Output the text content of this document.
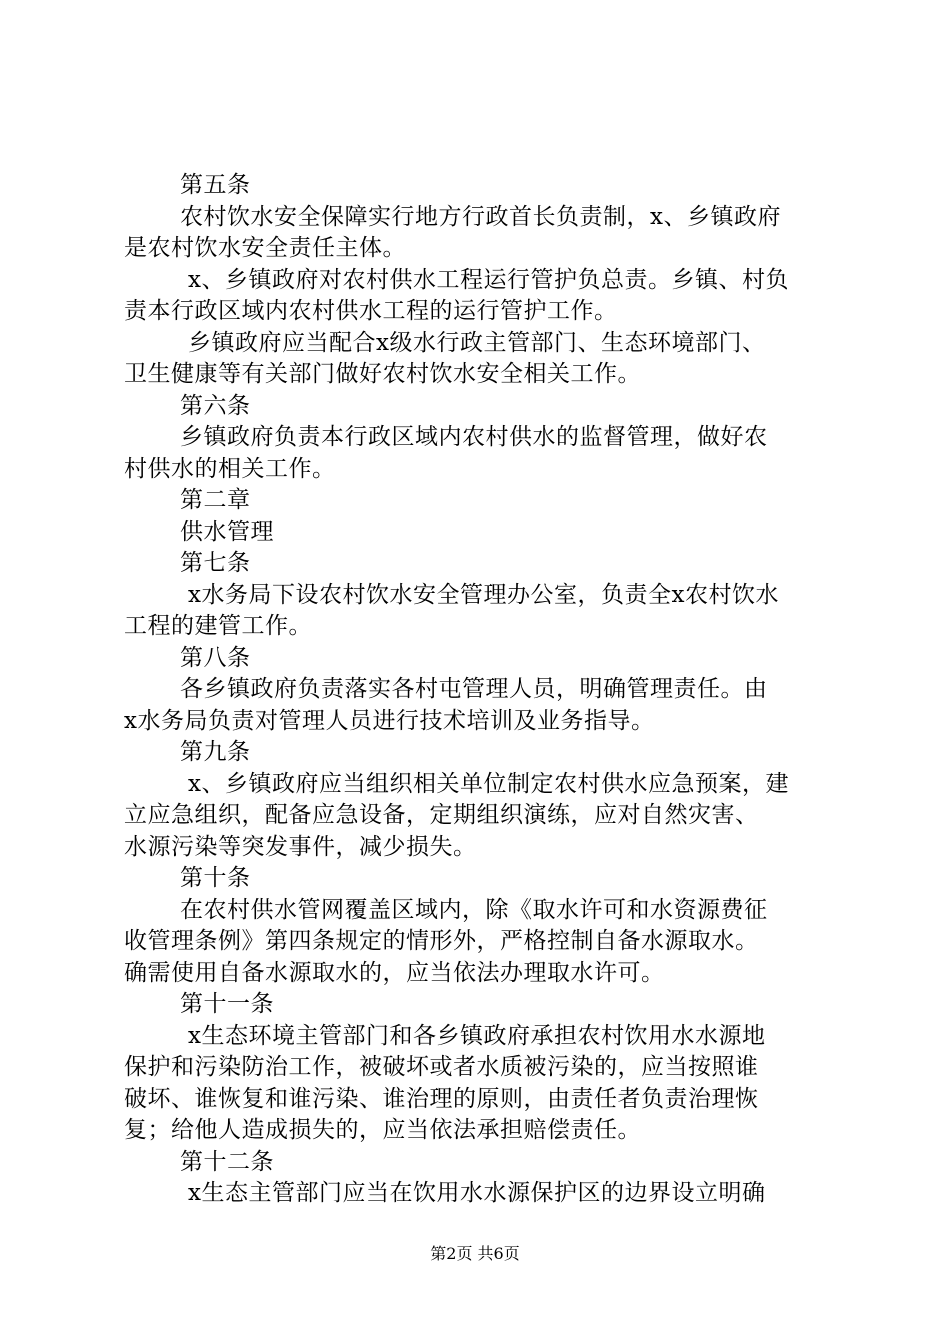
第五条
农村饮水安全保障实行地方行政首长负责制，x、乡镇政府
是农村饮水安全责任主体。
x、乡镇政府对农村供水工程运行管护负总责。乡镇、村负
责本行政区域内农村供水工程的运行管护工作。
乡镇政府应当配合x级水行政主管部门、生态环境部门、
卫生健康等有关部门做好农村饮水安全相关工作。
第六条
乡镇政府负责本行政区域内农村供水的监督管理，做好农
村供水的相关工作。
第二章
供水管理
第七条
x水务局下设农村饮水安全管理办公室，负责全x农村饮水
工程的建管工作。
第八条
各乡镇政府负责落实各村屯管理人员，明确管理责任。由
x水务局负责对管理人员进行技术培训及业务指导。
第九条
x、乡镇政府应当组织相关单位制定农村供水应急预案，建
立应急组织，配备应急设备，定期组织演练，应对自然灾害、
水源污染等突发事件，减少损失。
第十条
在农村供水管网覆盖区域内，除《取水许可和水资源费征
收管理条例》第四条规定的情形外，严格控制自备水源取水。
确需使用自备水源取水的，应当依法办理取水许可。
第十一条
x生态环境主管部门和各乡镇政府承担农村饮用水水源地
保护和污染防治工作，被破坏或者水质被污染的，应当按照谁
破坏、谁恢复和谁污染、谁治理的原则，由责任者负责治理恢
复；给他人造成损失的，应当依法承担赔偿责任。
第十二条
x生态主管部门应当在饮用水水源保护区的边界设立明确
第2页 共6页
